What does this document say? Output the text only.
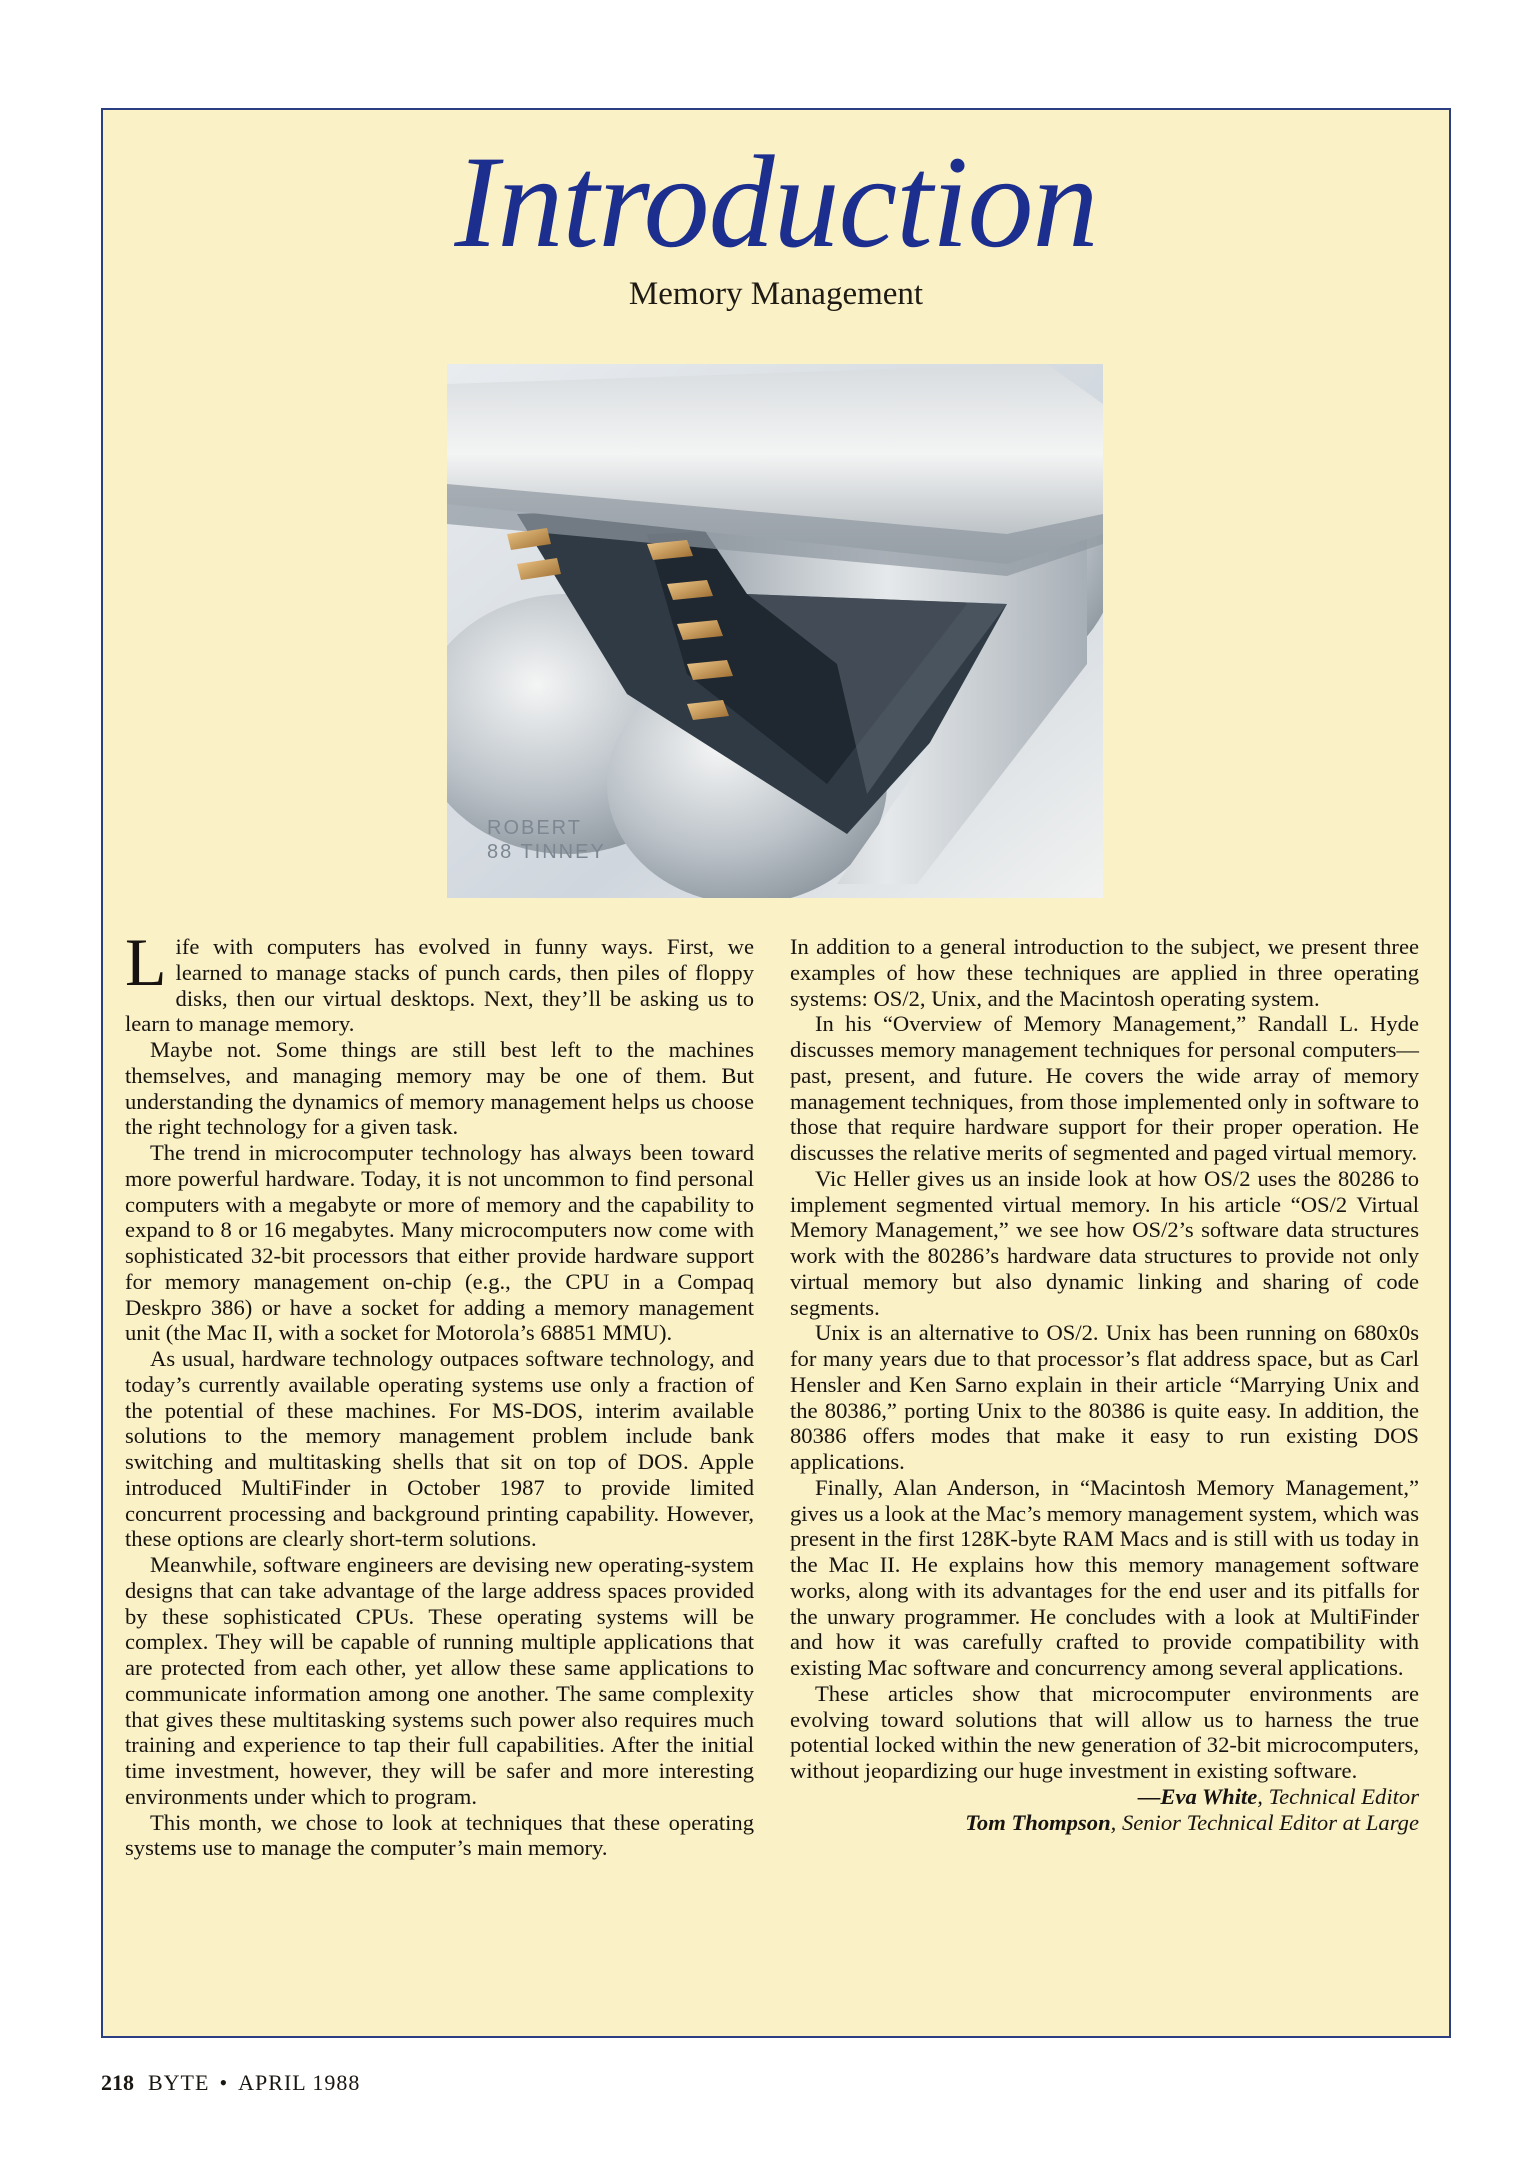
Introduction
Memory Management
ROBERT
88 TINNEY

Life with computers has evolved in funny ways. First, we learned to manage stacks of punch cards, then piles of floppy disks, then our virtual desktops. Next, they’ll be asking us to learn to manage memory.

Maybe not. Some things are still best left to the machines themselves, and managing memory may be one of them. But understanding the dynamics of memory management helps us choose the right technology for a given task.

The trend in microcomputer technology has always been toward more powerful hardware. Today, it is not uncommon to find personal computers with a megabyte or more of memory and the capability to expand to 8 or 16 megabytes. Many microcomputers now come with sophisticated 32-bit processors that either provide hardware support for memory management on-chip (e.g., the CPU in a Compaq Deskpro 386) or have a socket for adding a memory management unit (the Mac II, with a socket for Motorola’s 68851 MMU).

As usual, hardware technology outpaces software technology, and today’s currently available operating systems use only a fraction of the potential of these machines. For MS-DOS, interim available solutions to the memory management problem include bank switching and multitasking shells that sit on top of DOS. Apple introduced MultiFinder in October 1987 to provide limited concurrent processing and background printing capability. However, these options are clearly short-term solutions.

Meanwhile, software engineers are devising new operating-system designs that can take advantage of the large address spaces provided by these sophisticated CPUs. These operating systems will be complex. They will be capable of running multiple applications that are protected from each other, yet allow these same applications to communicate information among one another. The same complexity that gives these multitasking systems such power also requires much training and experience to tap their full capabilities. After the initial time investment, however, they will be safer and more interesting environments under which to program.

This month, we chose to look at techniques that these operating systems use to manage the computer’s main memory.

In addition to a general introduction to the subject, we present three examples of how these techniques are applied in three operating systems: OS/2, Unix, and the Macintosh operating system.

In his “Overview of Memory Management,” Randall L. Hyde discusses memory management techniques for personal computers—past, present, and future. He covers the wide array of memory management techniques, from those implemented only in software to those that require hardware support for their proper operation. He discusses the relative merits of segmented and paged virtual memory.

Vic Heller gives us an inside look at how OS/2 uses the 80286 to implement segmented virtual memory. In his article “OS/2 Virtual Memory Management,” we see how OS/2’s software data structures work with the 80286’s hardware data structures to provide not only virtual memory but also dynamic linking and sharing of code segments.

Unix is an alternative to OS/2. Unix has been running on 680x0s for many years due to that processor’s flat address space, but as Carl Hensler and Ken Sarno explain in their article “Marrying Unix and the 80386,” porting Unix to the 80386 is quite easy. In addition, the 80386 offers modes that make it easy to run existing DOS applications.

Finally, Alan Anderson, in “Macintosh Memory Management,” gives us a look at the Mac’s memory management system, which was present in the first 128K-byte RAM Macs and is still with us today in the Mac II. He explains how this memory management software works, along with its advantages for the end user and its pitfalls for the unwary programmer. He concludes with a look at MultiFinder and how it was carefully crafted to provide compatibility with existing Mac software and concurrency among several applications.

These articles show that microcomputer environments are evolving toward solutions that will allow us to harness the true potential locked within the new generation of 32-bit microcomputers, without jeopardizing our huge investment in existing software.

—Eva White, Technical Editor
Tom Thompson, Senior Technical Editor at Large
218 BYTE • APRIL 1988
